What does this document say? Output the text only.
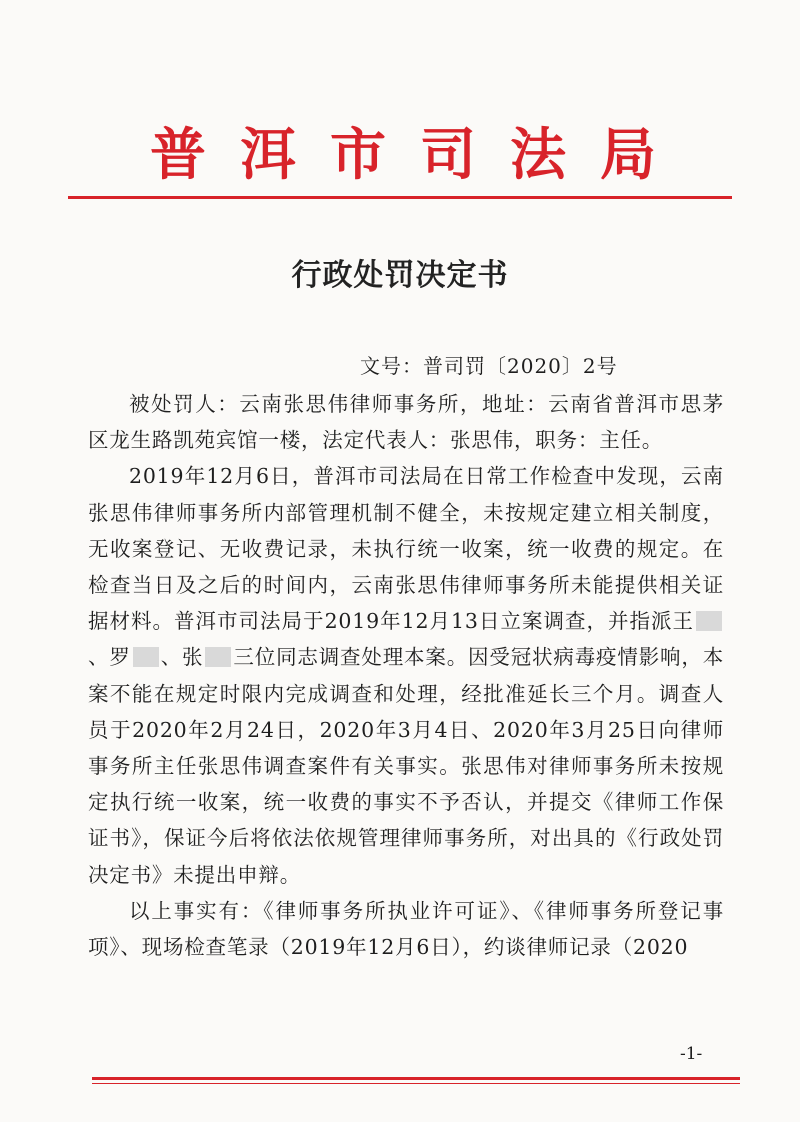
普洱市司法局
行政处罚决定书
文号：普司罚〔2020〕2号

被处罚人：云南张思伟律师事务所，地址：云南省普洱市思茅区龙生路凯苑宾馆一楼，法定代表人：张思伟，职务：主任。

2019年12月6日，普洱市司法局在日常工作检查中发现，云南张思伟律师事务所内部管理机制不健全，未按规定建立相关制度，无收案登记、无收费记录，未执行统一收案，统一收费的规定。在检查当日及之后的时间内，云南张思伟律师事务所未能提供相关证据材料。普洱市司法局于2019年12月13日立案调查，并指派王、罗 、张 三位同志调查处理本案。因受冠状病毒疫情影响，本案不能在规定时限内完成调查和处理，经批准延长三个月。调查人员于2020年2月24日，2020年3月4日、2020年3月25日向律师事务所主任张思伟调查案件有关事实。张思伟对律师事务所未按规定执行统一收案，统一收费的事实不予否认，并提交《律师工作保证书》，保证今后将依法依规管理律师事务所，对出具的《行政处罚决定书》未提出申辩。

以上事实有：《律师事务所执业许可证》、《律师事务所登记事项》、现场检查笔录（2019年12月6日），约谈律师记录（2020

-1-
